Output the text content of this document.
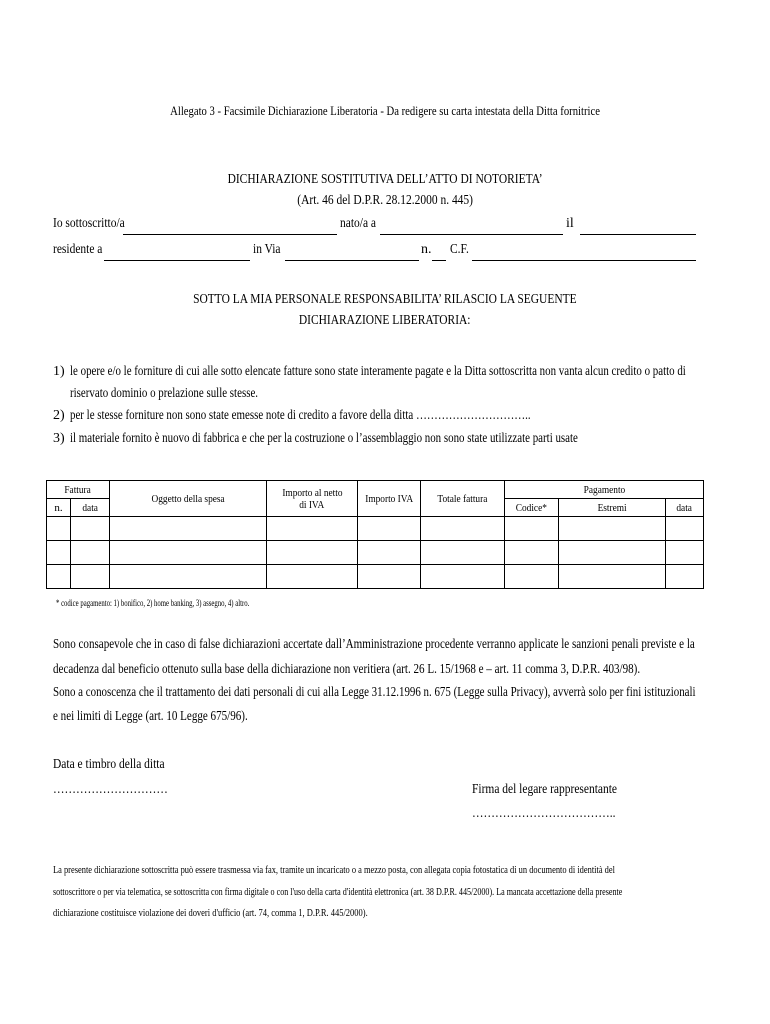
Allegato 3 - Facsimile Dichiarazione Liberatoria - Da redigere su carta intestata della Ditta fornitrice
DICHIARAZIONE SOSTITUTIVA DELL’ATTO DI NOTORIETA’
(Art. 46 del D.P.R. 28.12.2000 n. 445)
Io sottoscritto/a	nato/a a	il
residente a	in Via	n. C.F.
SOTTO LA MIA PERSONALE RESPONSABILITA’ RILASCIO LA SEGUENTE
DICHIARAZIONE LIBERATORIA:
1) le opere e/o le forniture di cui alle sotto elencate fatture sono state interamente pagate e la Ditta sottoscritta non vanta alcun credito o patto di
riservato dominio o prelazione sulle stesse.
2) per le stesse forniture non sono state emesse note di credito a favore della ditta …………………………..
3) il materiale fornito è nuovo di fabbrica e che per la costruzione o l’assemblaggio non sono state utilizzate parti usate
Fattura		Oggetto della spesa	Importo al netto
di IVA	Importo IVA	Totale fattura	Pagamento		
n.	data					Codice*	Estremi	data

* codice pagamento: 1) bonifico, 2) home banking, 3) assegno, 4) altro.
Sono consapevole che in caso di false dichiarazioni accertate dall’Amministrazione procedente verranno applicate le sanzioni penali previste e la
decadenza dal beneficio ottenuto sulla base della dichiarazione non veritiera (art. 26 L. 15/1968 e – art. 11 comma 3, D.P.R. 403/98).
Sono a conoscenza che il trattamento dei dati personali di cui alla Legge 31.12.1996 n. 675 (Legge sulla Privacy), avverrà solo per fini istituzionali
e nei limiti di Legge (art. 10 Legge 675/96).
Data e timbro della ditta
…………………………	Firma del legare rappresentante
………………………………..
La presente dichiarazione sottoscritta può essere trasmessa via fax, tramite un incaricato o a mezzo posta, con allegata copia fotostatica di un documento di identità del
sottoscrittore o per via telematica, se sottoscritta con firma digitale o con l'uso della carta d'identità elettronica (art. 38 D.P.R. 445/2000). La mancata accettazione della presente
dichiarazione costituisce violazione dei doveri d'ufficio (art. 74, comma 1, D.P.R. 445/2000).
